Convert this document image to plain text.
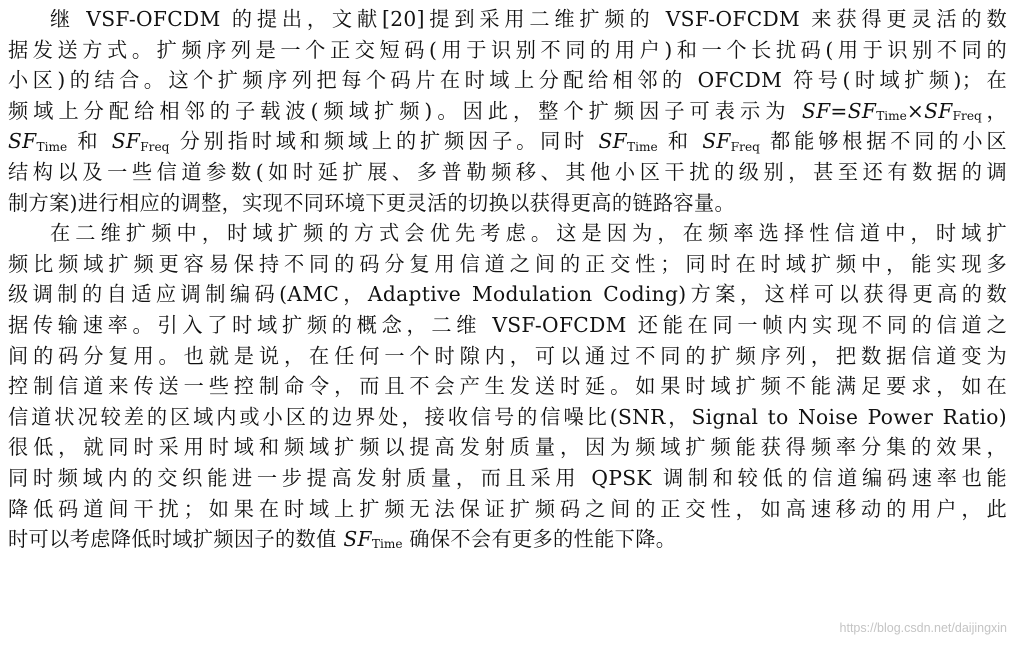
继 VSF-OFCDM 的提出，文献[20]提到采用二维扩频的 VSF-OFCDM 来获得更灵活的数
据发送方式。扩频序列是一个正交短码(用于识别不同的用户)和一个长扰码(用于识别不同的
小区)的结合。这个扩频序列把每个码片在时域上分配给相邻的 OFCDM 符号(时域扩频)；在
频域上分配给相邻的子载波(频域扩频)。因此，整个扩频因子可表示为 SF=SFTime×SFFreq，
SFTime 和 SFFreq 分别指时域和频域上的扩频因子。同时 SFTime 和 SFFreq 都能够根据不同的小区
结构以及一些信道参数(如时延扩展、多普勒频移、其他小区干扰的级别，甚至还有数据的调
制方案)进行相应的调整，实现不同环境下更灵活的切换以获得更高的链路容量。
在二维扩频中，时域扩频的方式会优先考虑。这是因为，在频率选择性信道中，时域扩
频比频域扩频更容易保持不同的码分复用信道之间的正交性；同时在时域扩频中，能实现多
级调制的自适应调制编码(AMC，Adaptive Modulation Coding)方案，这样可以获得更高的数
据传输速率。引入了时域扩频的概念，二维 VSF-OFCDM 还能在同一帧内实现不同的信道之
间的码分复用。也就是说，在任何一个时隙内，可以通过不同的扩频序列，把数据信道变为
控制信道来传送一些控制命令，而且不会产生发送时延。如果时域扩频不能满足要求，如在
信道状况较差的区域内或小区的边界处，接收信号的信噪比(SNR，Signal to Noise Power Ratio)
很低，就同时采用时域和频域扩频以提高发射质量，因为频域扩频能获得频率分集的效果，
同时频域内的交织能进一步提高发射质量，而且采用 QPSK 调制和较低的信道编码速率也能
降低码道间干扰；如果在时域上扩频无法保证扩频码之间的正交性，如高速移动的用户，此
时可以考虑降低时域扩频因子的数值 SFTime 确保不会有更多的性能下降。
https://blog.csdn.net/daijingxin
